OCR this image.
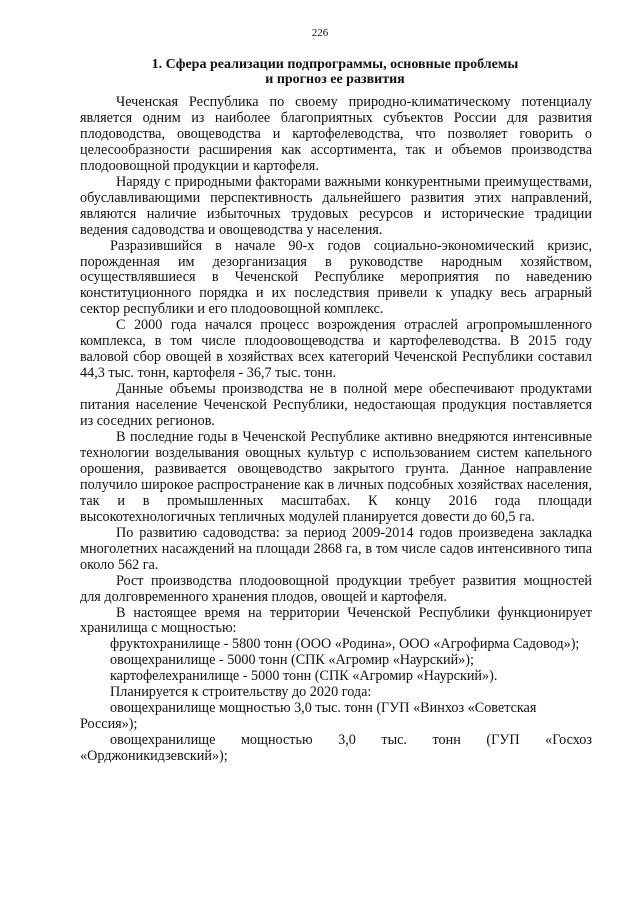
226
1. Сфера реализации подпрограммы, основные проблемы
и прогноз ее развития

Чеченская Республика по своему природно-климатическому потенциалу является одним из наиболее благоприятных субъектов России для развития плодоводства, овощеводства и картофелеводства, что позволяет говорить о целесообразности расширения как ассортимента, так и объемов производства плодоовощной продукции и картофеля.

Наряду с природными факторами важными конкурентными преимуществами, обуславливающими перспективность дальнейшего развития этих направлений, являются наличие избыточных трудовых ресурсов и исторические традиции ведения садоводства и овощеводства у населения.

Разразившийся в начале 90-х годов социально-экономический кризис, порожденная им дезорганизация в руководстве народным хозяйством, осуществлявшиеся в Чеченской Республике мероприятия по наведению конституционного порядка и их последствия привели к упадку весь аграрный сектор республики и его плодоовощной комплекс.

С 2000 года начался процесс возрождения отраслей агропромышленного комплекса, в том числе плодоовощеводства и картофелеводства. В 2015 году валовой сбор овощей в хозяйствах всех категорий Чеченской Республики составил 44,3 тыс. тонн, картофеля - 36,7 тыс. тонн.

Данные объемы производства не в полной мере обеспечивают продуктами питания население Чеченской Республики, недостающая продукция поставляется из соседних регионов.

В последние годы в Чеченской Республике активно внедряются интенсивные технологии возделывания овощных культур с использованием систем капельного орошения, развивается овощеводство закрытого грунта. Данное направление получило широкое распространение как в личных подсобных хозяйствах населения, так и в промышленных масштабах. К концу 2016 года площади высокотехнологичных тепличных модулей планируется довести до 60,5 га.

По развитию садоводства: за период 2009-2014 годов произведена закладка многолетних насаждений на площади 2868 га, в том числе садов интенсивного типа около 562 га.

Рост производства плодоовощной продукции требует развития мощностей для долговременного хранения плодов, овощей и картофеля.

В настоящее время на территории Чеченской Республики функционирует хранилища с мощностью:

фруктохранилище - 5800 тонн (ООО «Родина», ООО «Агрофирма Садовод»);

овощехранилище - 5000 тонн (СПК «Агромир «Наурский»);

картофелехранилище - 5000 тонн (СПК «Агромир «Наурский»).

Планируется к строительству до 2020 года:

овощехранилище мощностью 3,0 тыс. тонн (ГУП «Винхоз «Советская Россия»);

овощехранилище мощностью 3,0 тыс. тонн (ГУП «Госхоз «Орджоникидзевский»);
